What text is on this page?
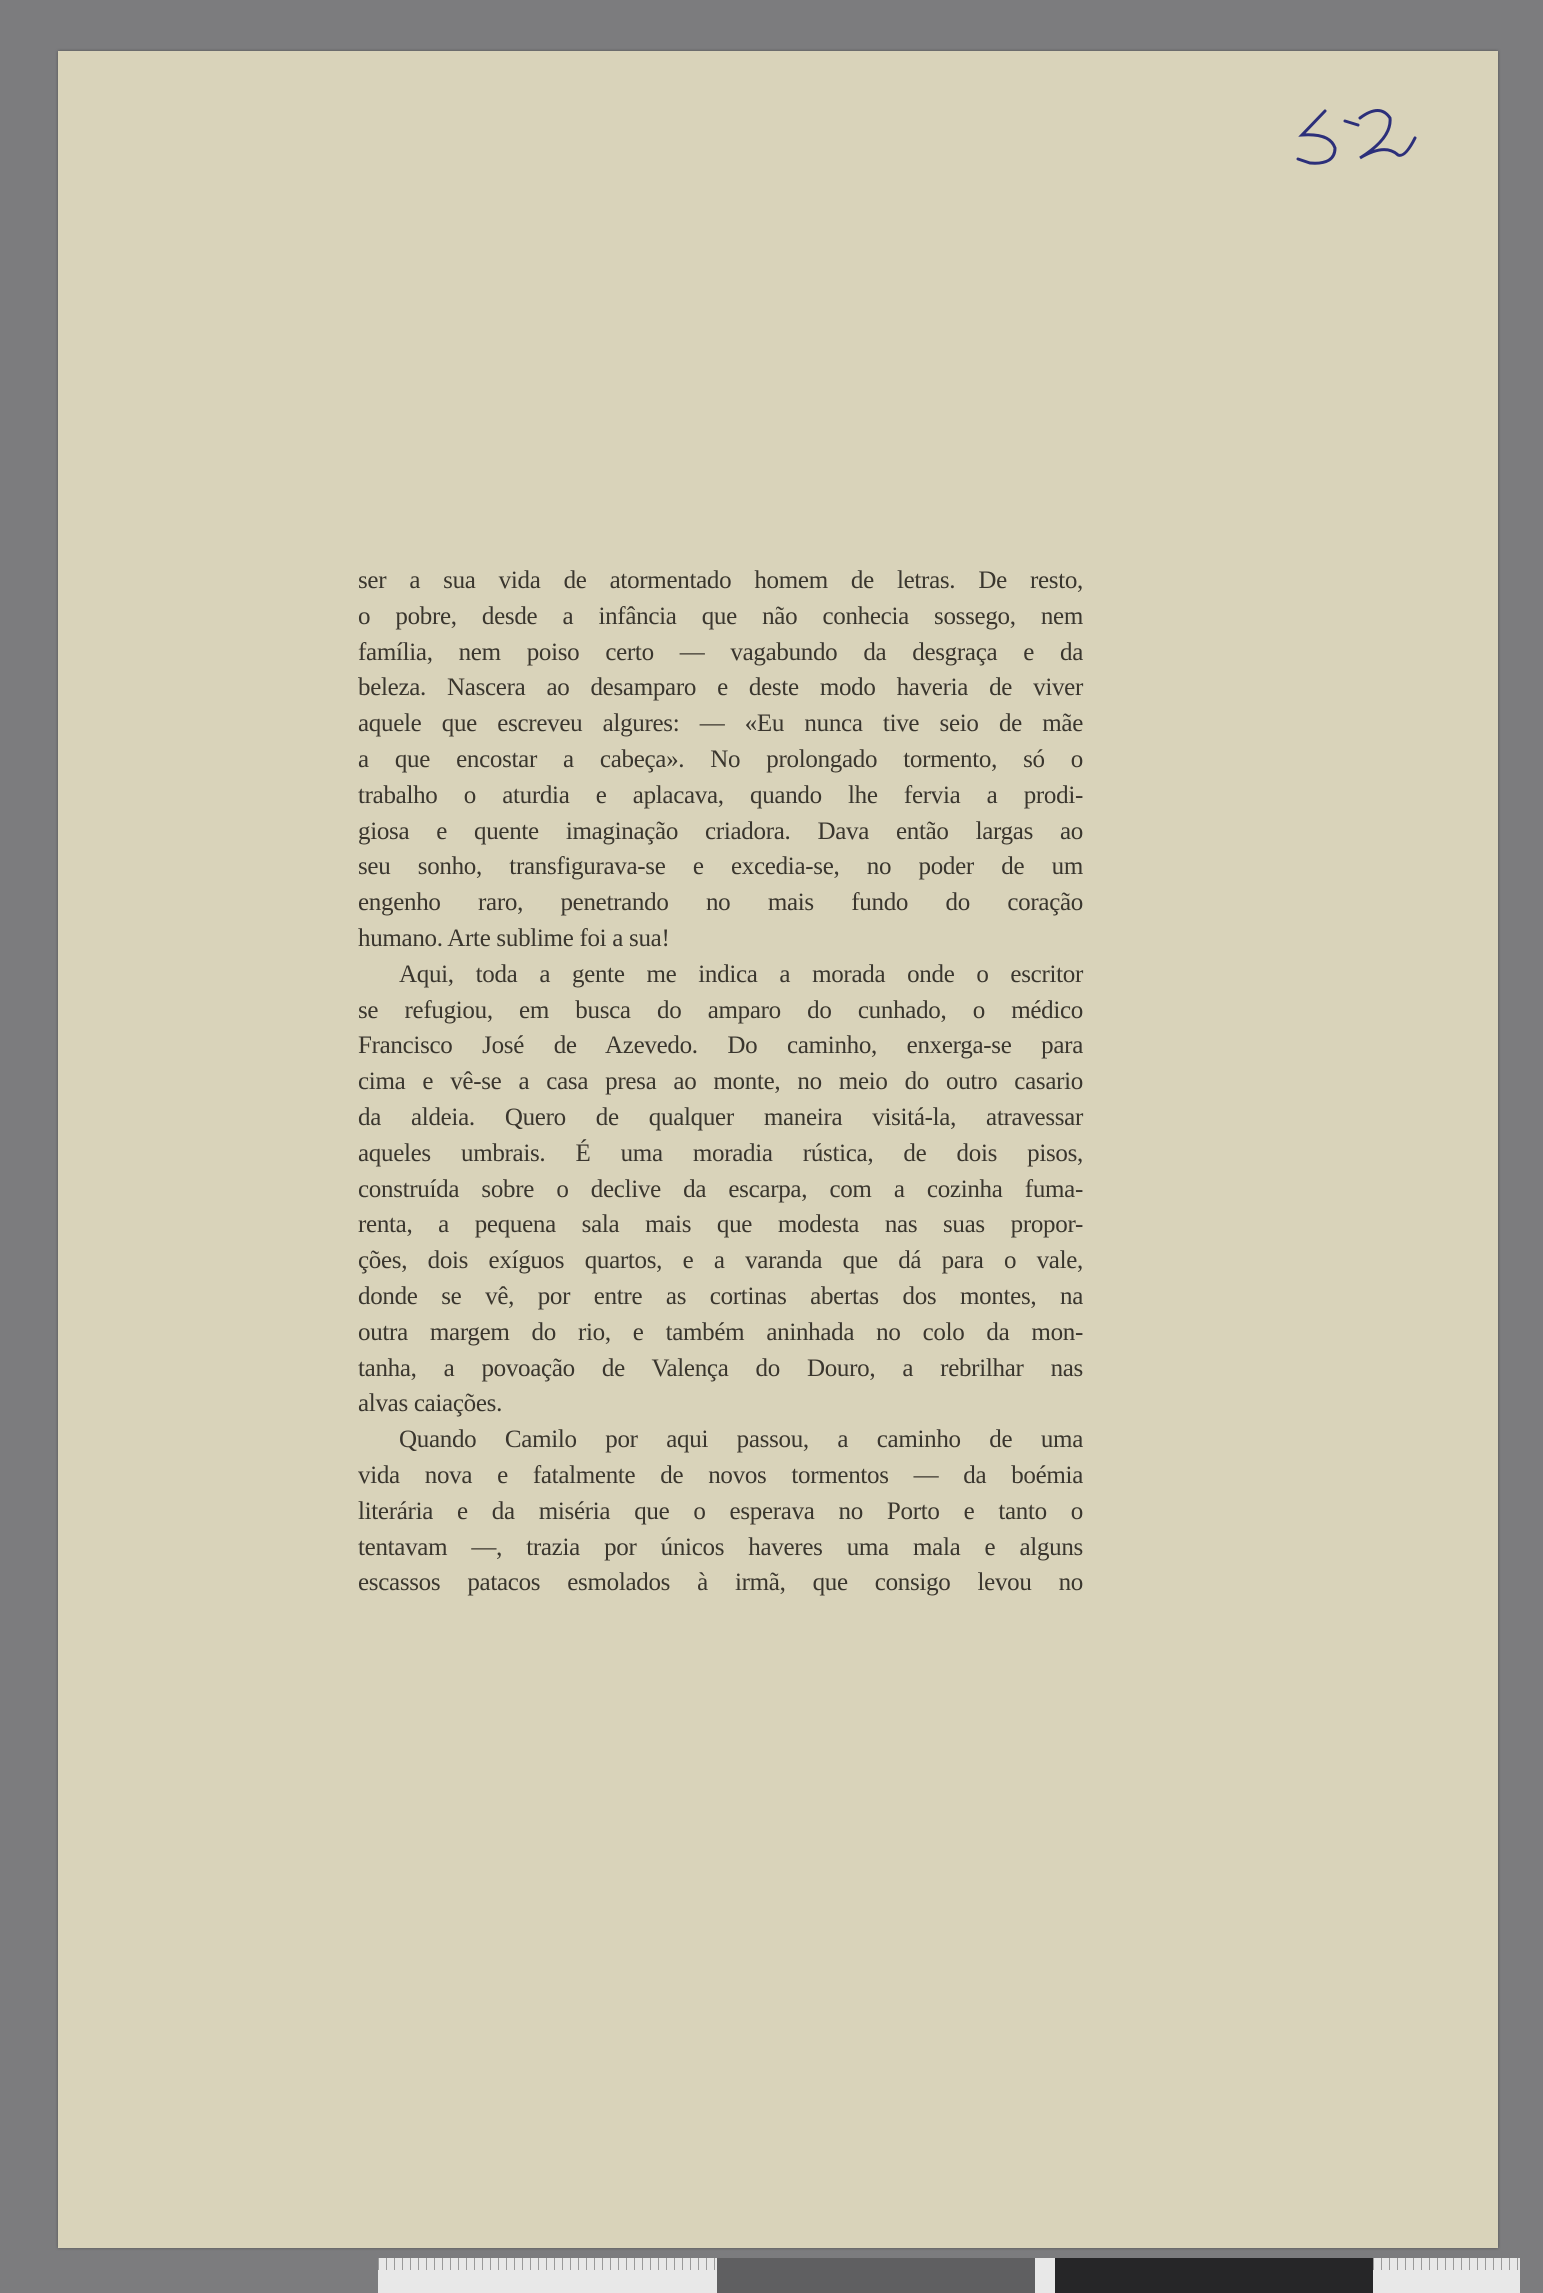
ser a sua vida de atormentado homem de letras. De resto,
o pobre, desde a infância que não conhecia sossego, nem
família, nem poiso certo — vagabundo da desgraça e da
beleza. Nascera ao desamparo e deste modo haveria de viver
aquele que escreveu algures: — «Eu nunca tive seio de mãe
a que encostar a cabeça». No prolongado tormento, só o
trabalho o aturdia e aplacava, quando lhe fervia a prodi-
giosa e quente imaginação criadora. Dava então largas ao
seu sonho, transfigurava-se e excedia-se, no poder de um
engenho raro, penetrando no mais fundo do coração
humano. Arte sublime foi a sua!
Aqui, toda a gente me indica a morada onde o escritor
se refugiou, em busca do amparo do cunhado, o médico
Francisco José de Azevedo. Do caminho, enxerga-se para
cima e vê-se a casa presa ao monte, no meio do outro casario
da aldeia. Quero de qualquer maneira visitá-la, atravessar
aqueles umbrais. É uma moradia rústica, de dois pisos,
construída sobre o declive da escarpa, com a cozinha fuma-
renta, a pequena sala mais que modesta nas suas propor-
ções, dois exíguos quartos, e a varanda que dá para o vale,
donde se vê, por entre as cortinas abertas dos montes, na
outra margem do rio, e também aninhada no colo da mon-
tanha, a povoação de Valença do Douro, a rebrilhar nas
alvas caiações.
Quando Camilo por aqui passou, a caminho de uma
vida nova e fatalmente de novos tormentos — da boémia
literária e da miséria que o esperava no Porto e tanto o
tentavam —, trazia por únicos haveres uma mala e alguns
escassos patacos esmolados à irmã, que consigo levou no
